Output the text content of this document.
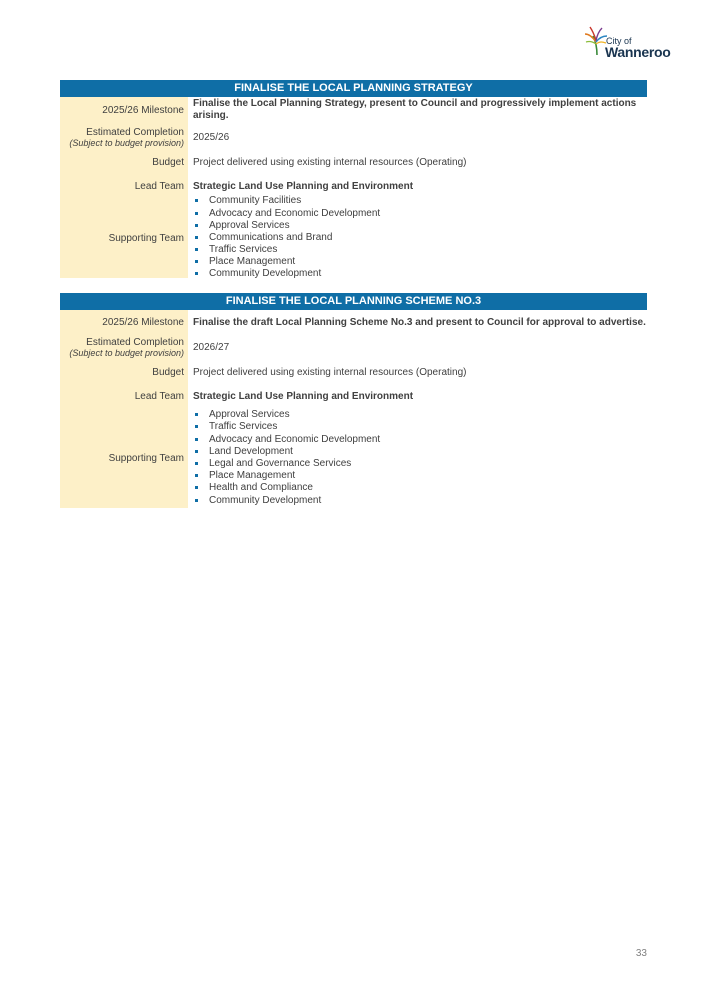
City of
Wanneroo
FINALISE THE LOCAL PLANNING STRATEGY
2025/26 Milestone
Finalise the Local Planning Strategy, present to Council and progressively implement actions arising.
Estimated Completion
(Subject to budget provision) 2025/26
Budget Project delivered using existing internal resources (Operating)
Lead Team Strategic Land Use Planning and Environment
Supporting Team
Community Facilities
Advocacy and Economic Development
Approval Services
Communications and Brand
Traffic Services
Place Management
Community Development
FINALISE THE LOCAL PLANNING SCHEME NO.3
2025/26 Milestone Finalise the draft Local Planning Scheme No.3 and present to Council for approval to advertise.
Estimated Completion
(Subject to budget provision) 2026/27
Budget Project delivered using existing internal resources (Operating)
Lead Team Strategic Land Use Planning and Environment
Supporting Team
Approval Services
Traffic Services
Advocacy and Economic Development
Land Development
Legal and Governance Services
Place Management
Health and Compliance
Community Development
33
